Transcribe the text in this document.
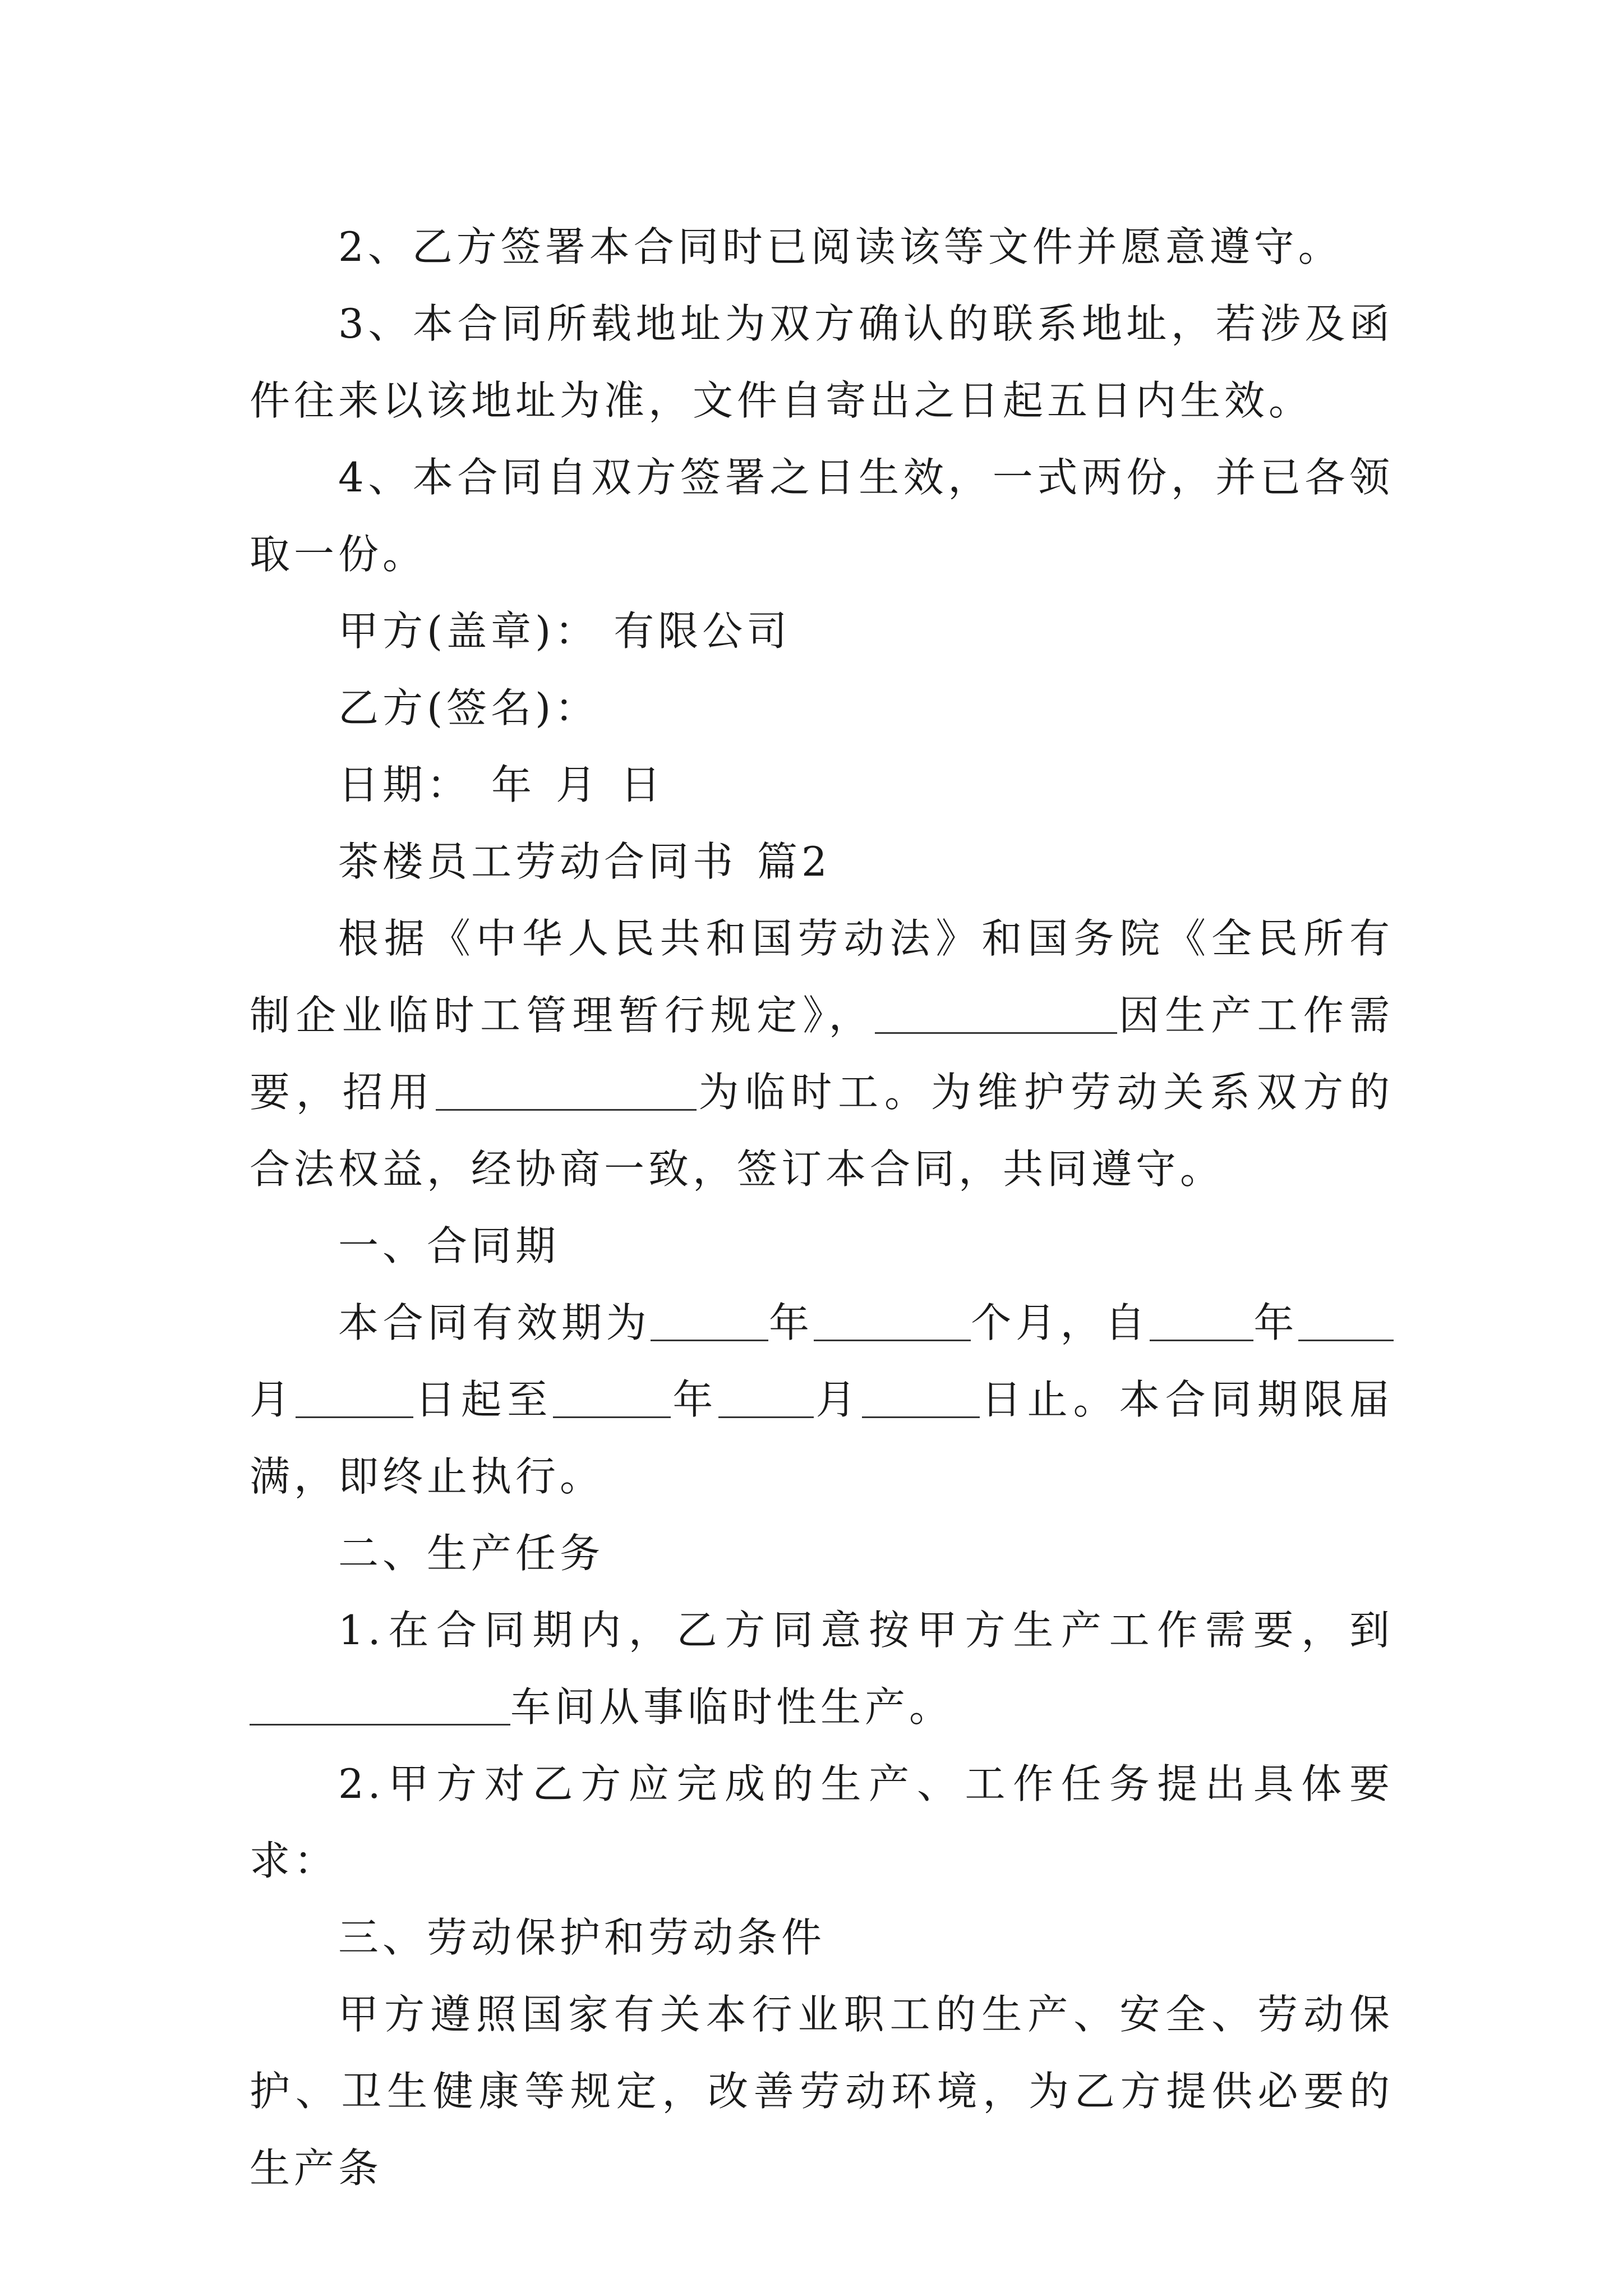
2、乙方签署本合同时已阅读该等文件并愿意遵守。

3、本合同所载地址为双方确认的联系地址，若涉及函件往来以该地址为准，文件自寄出之日起五日内生效。

4、本合同自双方签署之日生效，一式两份，并已各领取一份。

甲方(盖章)： 有限公司

乙方(签名)：

日期： 年 月 日

茶楼员工劳动合同书 篇2

根据《中华人民共和国劳动法》和国务院《全民所有制企业临时工管理暂行规定》，	因生产工作需要，招用	为临时工。为维护劳动关系双方的合法权益，经协商一致，签订本合同，共同遵守。

一、合同期

本合同有效期为	年	个月，自	年月	日起至	年 月	日止。本合同期限届满，即终止执行。

二、生产任务

1.在合同期内，乙方同意按甲方生产工作需要，到车间从事临时性生产。

2.甲方对乙方应完成的生产、工作任务提出具体要求：

三、劳动保护和劳动条件

甲方遵照国家有关本行业职工的生产、安全、劳动保护、卫生健康等规定，改善劳动环境，为乙方提供必要的生产条
